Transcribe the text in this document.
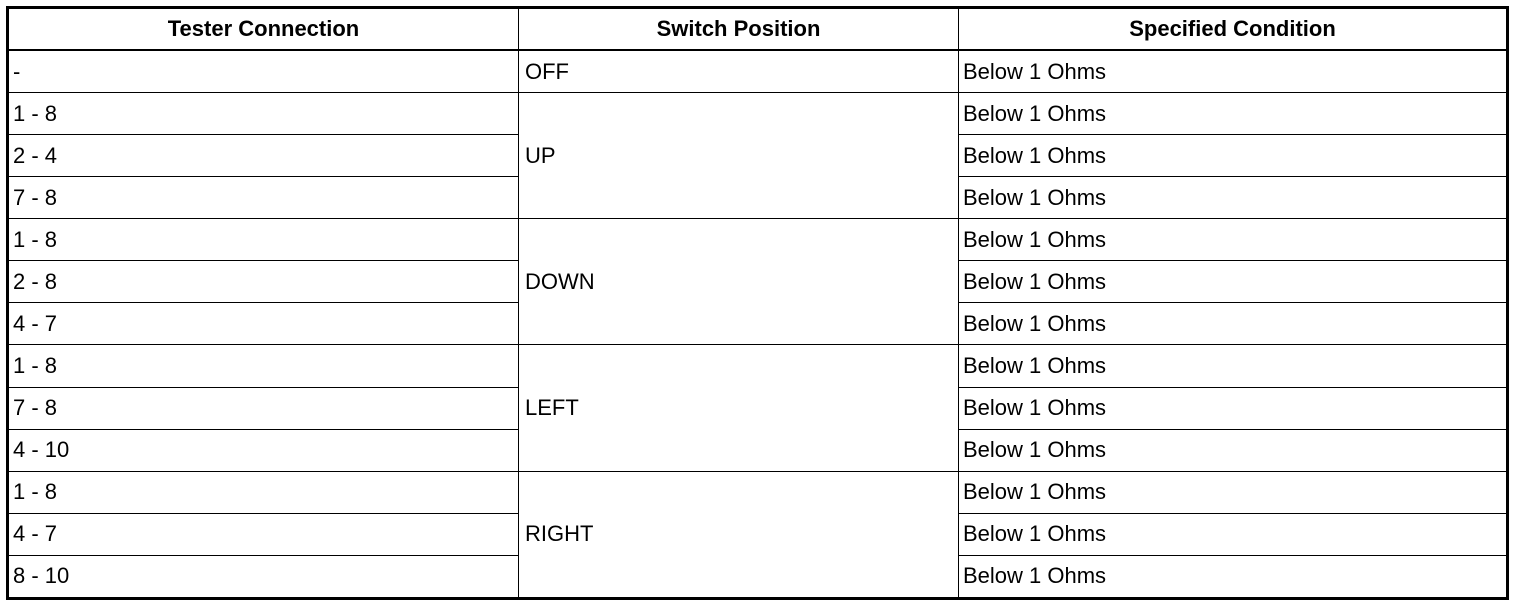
Tester Connection	Switch Position	Specified Condition
-	OFF	Below 1 Ohms
1 - 8	UP	Below 1 Ohms
2 - 4		Below 1 Ohms
7 - 8		Below 1 Ohms
1 - 8	DOWN	Below 1 Ohms
2 - 8		Below 1 Ohms
4 - 7		Below 1 Ohms
1 - 8	LEFT	Below 1 Ohms
7 - 8		Below 1 Ohms
4 - 10		Below 1 Ohms
1 - 8	RIGHT	Below 1 Ohms
4 - 7		Below 1 Ohms
8 - 10		Below 1 Ohms
